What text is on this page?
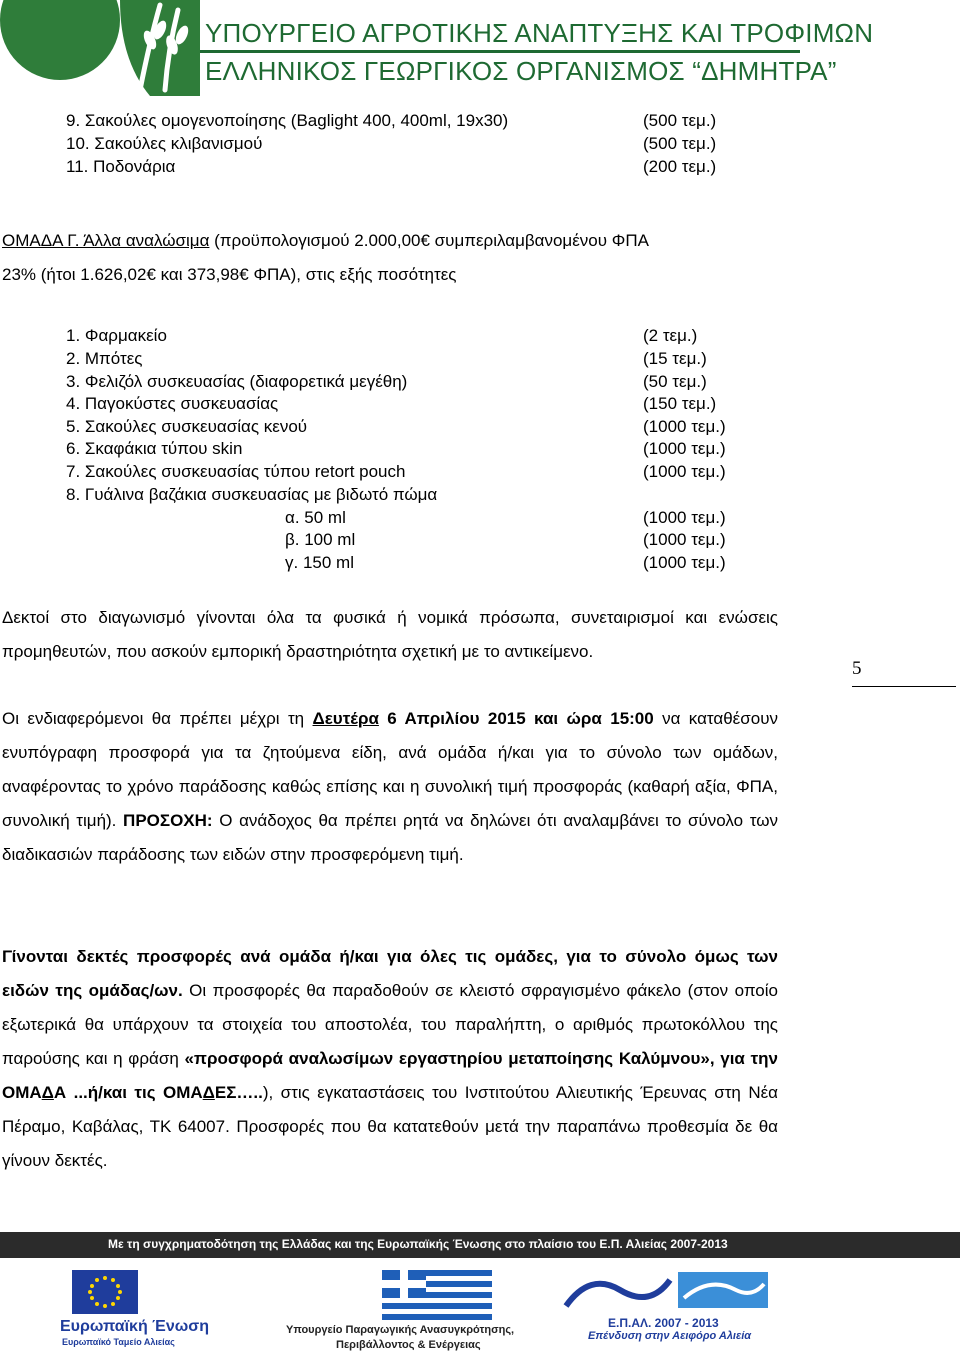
ΥΠΟΥΡΓΕΙΟ ΑΓΡΟΤΙΚΗΣ ΑΝΑΠΤΥΞΗΣ ΚΑΙ ΤΡΟΦΙΜΩΝ
ΕΛΛΗΝΙΚΟΣ ΓΕΩΡΓΙΚΟΣ ΟΡΓΑΝΙΣΜΟΣ “ΔΗΜΗΤΡΑ”
9. Σακούλες ομογενοποίησης (Baglight 400, 400ml, 19x30)	(500 τεμ.)
10. Σακούλες κλιβανισμού	(500 τεμ.)
11. Ποδονάρια	(200 τεμ.)
ΟΜΑΔΑ Γ. Άλλα αναλώσιμα (προϋπολογισμού 2.000,00€ συμπεριλαμβανομένου ΦΠΑ
23% (ήτοι 1.626,02€ και 373,98€ ΦΠΑ), στις εξής ποσότητες
1. Φαρμακείο	(2 τεμ.)
2. Μπότες	(15 τεμ.)
3. Φελιζόλ συσκευασίας (διαφορετικά μεγέθη)	(50 τεμ.)
4. Παγοκύστες συσκευασίας	(150 τεμ.)
5. Σακούλες συσκευασίας κενού	(1000 τεμ.)
6. Σκαφάκια τύπου skin	(1000 τεμ.)
7. Σακούλες συσκευασίας τύπου retort pouch	(1000 τεμ.)
8. Γυάλινα βαζάκια συσκευασίας με βιδωτό πώμα
α. 50 ml	(1000 τεμ.)
β. 100 ml	(1000 τεμ.)
γ. 150 ml	(1000 τεμ.)

Δεκτοί στο διαγωνισμό γίνονται όλα τα φυσικά ή νομικά πρόσωπα, συνεταιρισμοί και ενώσεις προμηθευτών, που ασκούν εμπορική δραστηριότητα σχετική με το αντικείμενο.

5

Οι ενδιαφερόμενοι θα πρέπει μέχρι τη Δευτέρα 6 Απριλίου 2015 και ώρα 15:00 να καταθέσουν ενυπόγραφη προσφορά για τα ζητούμενα είδη, ανά ομάδα ή/και για το σύνολο των ομάδων, αναφέροντας το χρόνο παράδοσης καθώς επίσης και η συνολική τιμή προσφοράς (καθαρή αξία, ΦΠΑ, συνολική τιμή). ΠΡΟΣΟΧΗ: Ο ανάδοχος θα πρέπει ρητά να δηλώνει ότι αναλαμβάνει το σύνολο των διαδικασιών παράδοσης των ειδών στην προσφερόμενη τιμή.

Γίνονται δεκτές προσφορές ανά ομάδα ή/και για όλες τις ομάδες, για το σύνολο όμως των ειδών της ομάδας/ων. Οι προσφορές θα παραδοθούν σε κλειστό σφραγισμένο φάκελο (στον οποίο εξωτερικά θα υπάρχουν τα στοιχεία του αποστολέα, του παραλήπτη, ο αριθμός πρωτοκόλλου της παρούσης και η φράση «προσφορά αναλωσίμων εργαστηρίου μεταποίησης Καλύμνου», για την ΟΜΑΔΑ ...ή/και τις ΟΜΑΔΕΣ…..), στις εγκαταστάσεις του Ινστιτούτου Αλιευτικής Έρευνας στη Νέα Πέραμο, Καβάλας, ΤΚ 64007. Προσφορές που θα κατατεθούν μετά την παραπάνω προθεσμία δε θα γίνουν δεκτές.

Με τη συγχρηματοδότηση της Ελλάδας και της Ευρωπαϊκής Ένωσης στο πλαίσιο του Ε.Π. Αλιείας 2007-2013
Ευρωπαϊκή Ένωση
Ευρωπαϊκό Ταμείο Αλιείας
Υπουργείο Παραγωγικής Ανασυγκρότησης,
Περιβάλλοντος & Ενέργειας
Ε.Π.ΑΛ. 2007 - 2013
Επένδυση στην Αειφόρο Αλιεία
